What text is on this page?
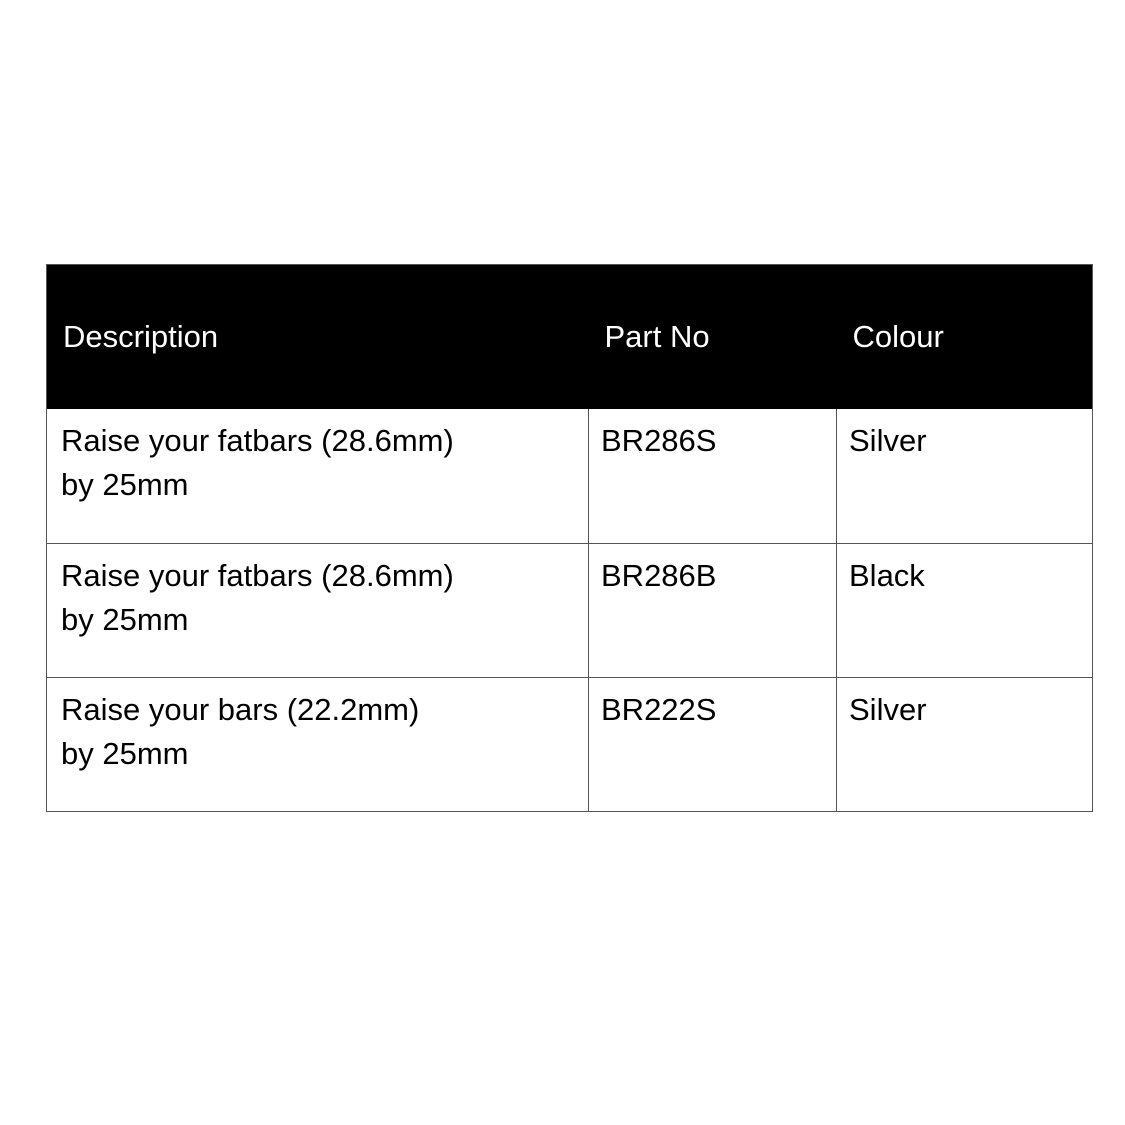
Description	Part No	Colour
Raise your fatbars (28.6mm)
by 25mm	BR286S	Silver
Raise your fatbars (28.6mm)
by 25mm	BR286B	Black
Raise your bars (22.2mm)
by 25mm	BR222S	Silver
